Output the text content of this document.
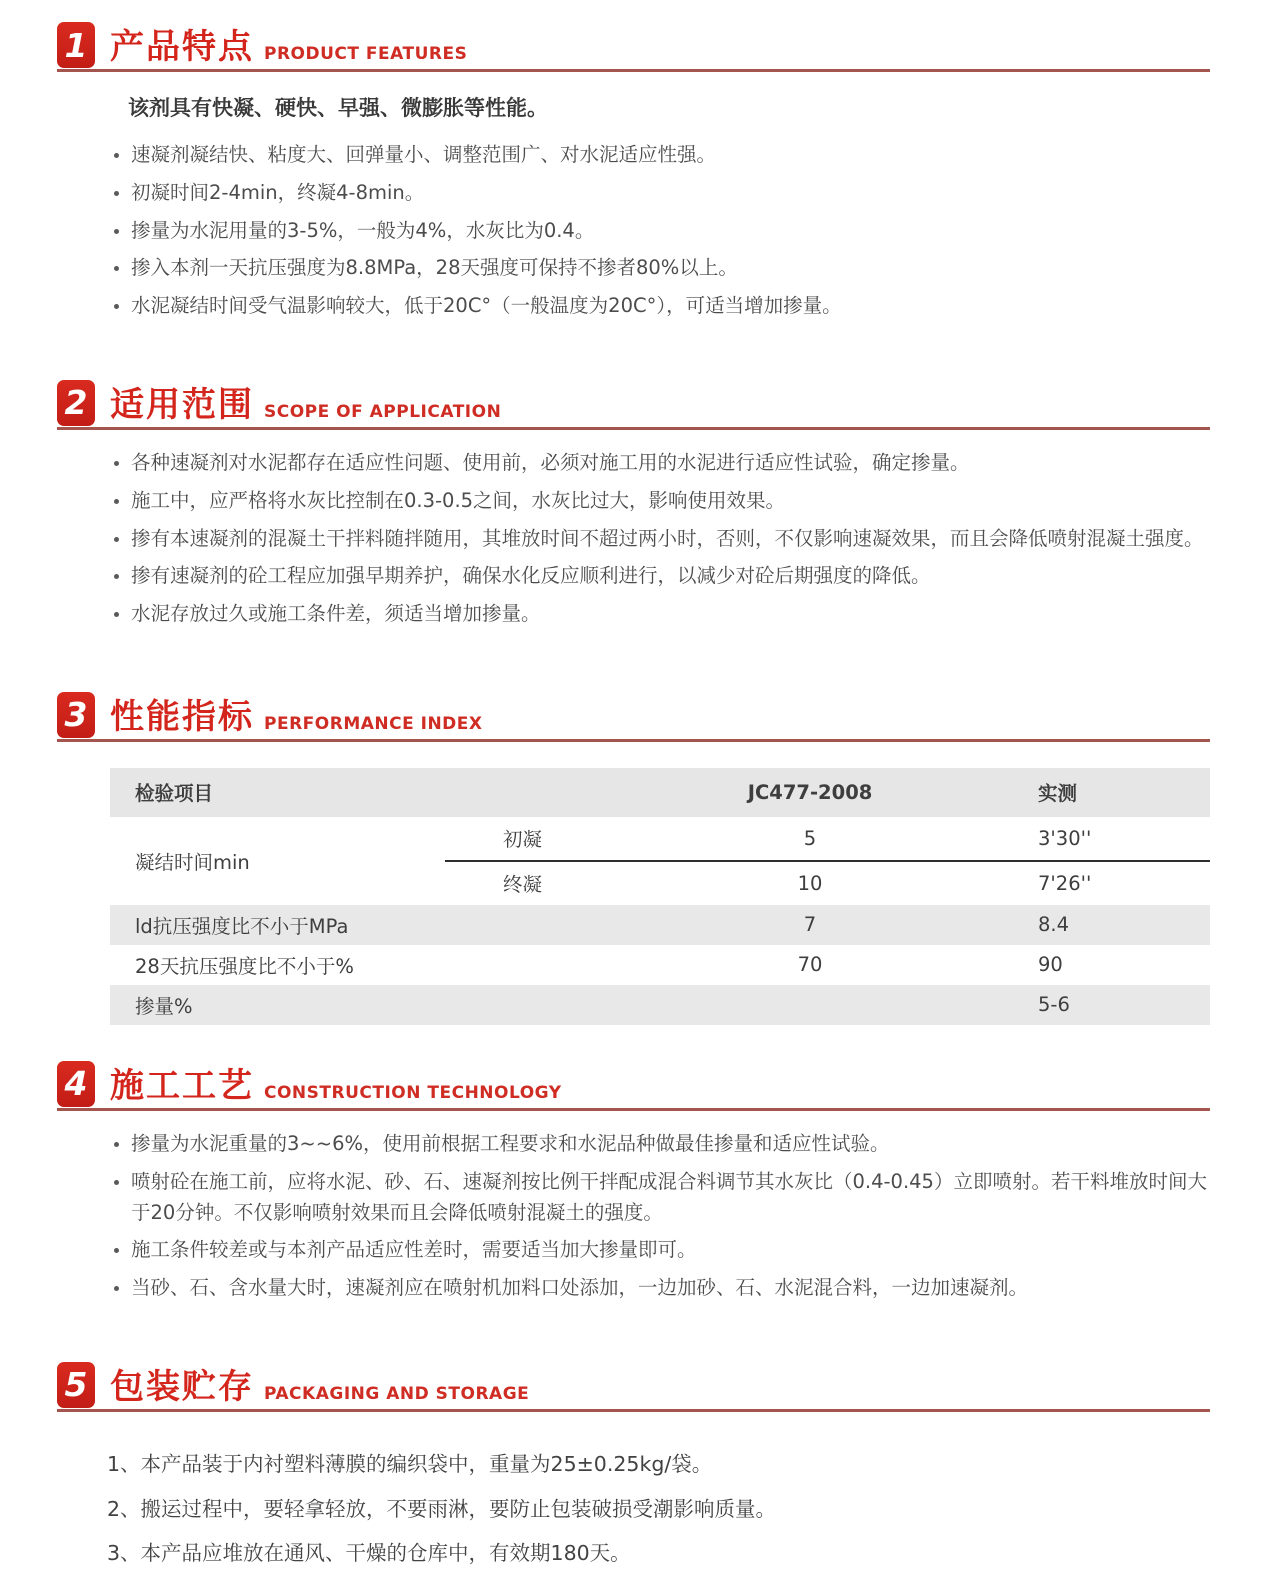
1 产品特点 PRODUCT FEATURES

该剂具有快凝、硬快、早强、微膨胀等性能。

速凝剂凝结快、粘度大、回弹量小、调整范围广、对水泥适应性强。
初凝时间2-4min，终凝4-8min。
掺量为水泥用量的3-5%，一般为4%，水灰比为0.4。
掺入本剂一天抗压强度为8.8MPa，28天强度可保持不掺者80%以上。
水泥凝结时间受气温影响较大，低于20C°（一般温度为20C°），可适当增加掺量。
2 适用范围 SCOPE OF APPLICATION
各种速凝剂对水泥都存在适应性问题、使用前，必须对施工用的水泥进行适应性试验，确定掺量。
施工中，应严格将水灰比控制在0.3-0.5之间，水灰比过大，影响使用效果。
掺有本速凝剂的混凝土干拌料随拌随用，其堆放时间不超过两小时，否则，不仅影响速凝效果，而且会降低喷射混凝土强度。
掺有速凝剂的砼工程应加强早期养护，确保水化反应顺利进行，以减少对砼后期强度的降低。
水泥存放过久或施工条件差，须适当增加掺量。
3 性能指标 PERFORMANCE INDEX
检验项目		JC477-2008	实测
凝结时间min	初凝	5	3'30''
	终凝	10	7'26''
ld抗压强度比不小于MPa		7	8.4
28天抗压强度比不小于%		70	90
掺量%			5-6
4 施工工艺 CONSTRUCTION TECHNOLOGY
掺量为水泥重量的3~~6%，使用前根据工程要求和水泥品种做最佳掺量和适应性试验。
喷射砼在施工前，应将水泥、砂、石、速凝剂按比例干拌配成混合料调节其水灰比（0.4-0.45）立即喷射。若干料堆放时间大于20分钟。不仅影响喷射效果而且会降低喷射混凝土的强度。
施工条件较差或与本剂产品适应性差时，需要适当加大掺量即可。
当砂、石、含水量大时，速凝剂应在喷射机加料口处添加，一边加砂、石、水泥混合料，一边加速凝剂。
5 包装贮存 PACKAGING AND STORAGE
1、本产品装于内衬塑料薄膜的编织袋中，重量为25±0.25kg/袋。
2、搬运过程中，要轻拿轻放，不要雨淋，要防止包装破损受潮影响质量。
3、本产品应堆放在通风、干燥的仓库中，有效期180天。
